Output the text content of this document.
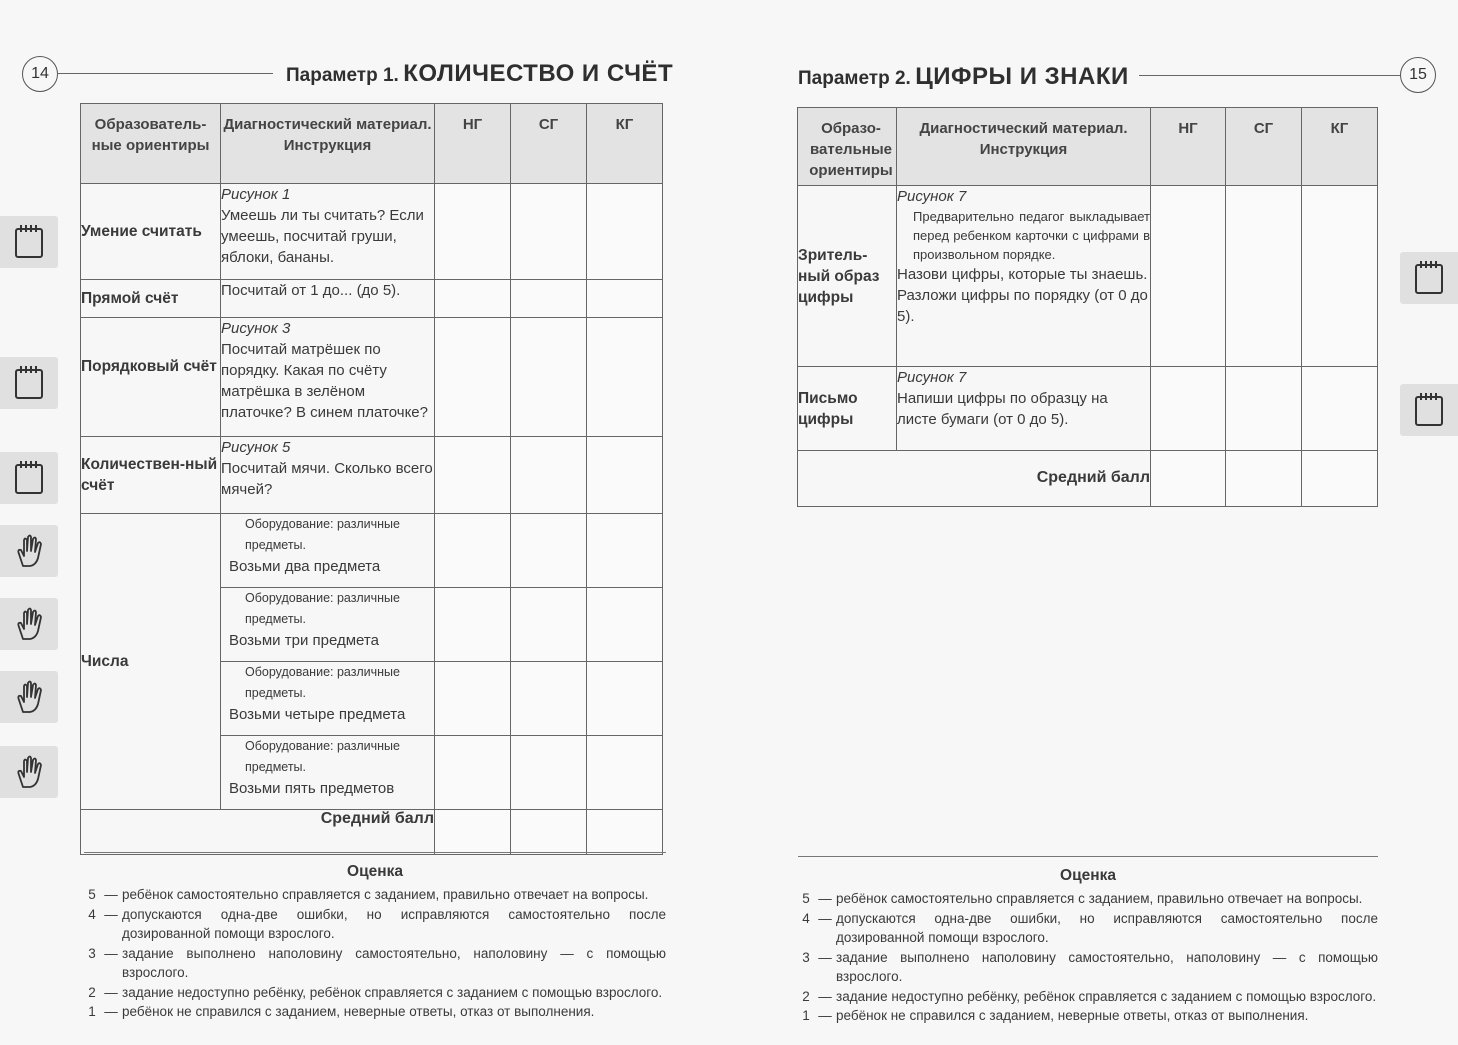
14	Параметр 1. КОЛИЧЕСТВО И СЧЁТ
Образователь-ные ориентиры	Диагностический материал. Инструкция	НГ	СГ	КГ
Умение считать	Рисунок 1
Умеешь ли ты считать? Если умеешь, посчитай груши, яблоки, бананы.			

Прямой счёт	Посчитай от 1 до... (до 5).			

Порядковый счёт	Рисунок 3
Посчитай матрёшек по порядку. Какая по счёту матрёшка в зелёном платочке? В синем платочке?			

Количествен-ный счёт	Рисунок 5
Посчитай мячи. Сколько всего мячей?			

Числа	Оборудование: различные предметы.
Возьми два предмета			

	Оборудование: различные предметы.
Возьми три предмета			

	Оборудование: различные предметы.
Возьми четыре предмета			

	Оборудование: различные предметы.
Возьми пять предметов			

Средний балл				
Оценка
5 — ребёнок самостоятельно справляется с заданием, правильно отвечает на вопросы.
4 — допускаются одна-две ошибки, но исправляются самостоятельно после дозированной помощи взрослого.
3 — задание выполнено наполовину самостоятельно, наполовину — с помощью взрослого.
2 — задание недоступно ребёнку, ребёнок справляется с заданием с помощью взрослого.
1 — ребёнок не справился с заданием, неверные ответы, отказ от выполнения.
Параметр 2. ЦИФРЫ И ЗНАКИ	15
Образо-вательные ориентиры	Диагностический материал. Инструкция	НГ	СГ	КГ
Зритель-ный образ цифры	Рисунок 7
Предварительно педагог выкладывает перед ребенком карточки с цифрами в произвольном порядке.
Назови цифры, которые ты знаешь. Разложи цифры по порядку (от 0 до 5).			

Письмо цифры	Рисунок 7
Напиши цифры по образцу на листе бумаги (от 0 до 5).			

Средний балл				
Оценка
5 — ребёнок самостоятельно справляется с заданием, правильно отвечает на вопросы.
4 — допускаются одна-две ошибки, но исправляются самостоятельно после дозированной помощи взрослого.
3 — задание выполнено наполовину самостоятельно, наполовину — с помощью взрослого.
2 — задание недоступно ребёнку, ребёнок справляется с заданием с помощью взрослого.
1 — ребёнок не справился с заданием, неверные ответы, отказ от выполнения.
